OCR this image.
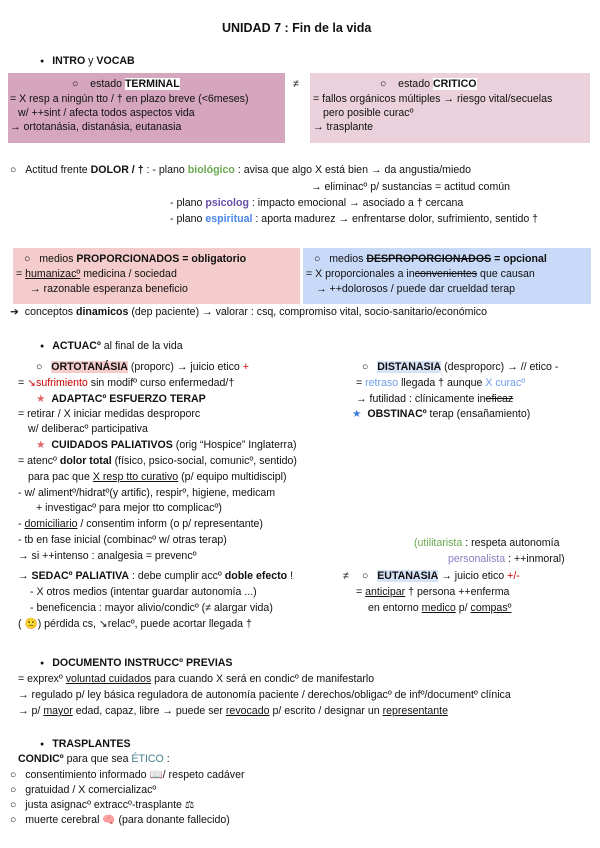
UNIDAD 7 : Fin de la vida
● INTRO y VOCAB
○    estado TERMINAL
= X resp a ningún tto / † en plazo breve (<6meses)
w/ ++sint / afecta todos aspectos vida
→ ortotanásia, distanásia, eutanasia
≠	○    estado CRITICO
= fallos orgánicos múltiples → riesgo vital/secuelas
pero posible curacº
→ trasplante
○   Actitud frente DOLOR / † : - plano biológico : avisa que algo X está bien → da angustia/miedo
→ eliminacº p/ sustancias = actitud común
- plano psicolog : impacto emocional → asociado a † cercana
- plano espiritual : aporta madurez → enfrentarse dolor, sufrimiento, sentido †
○   medios PROPORCIONADOS = obligatorio
= humanizacº medicina / sociedad
→ razonable esperanza beneficio
○   medios DESPROPORCIONADOS = opcional
= X proporcionales a inconvenientes que causan
→ ++dolorosos / puede dar crueldad terap
➔  conceptos dinamicos (dep paciente) → valorar : csq, compromiso vital, socio-sanitario/económico
● ACTUACº al final de la vida
○   ORTOTANÁSIA (proporc) → juicio etico +
= ↘sufrimiento sin modifº curso enfermedad/†
★ ADAPTACº ESFUERZO TERAP
= retirar / X iniciar medidas desproporc
w/ deliberacº participativa
★ CUIDADOS PALIATIVOS (orig “Hospice” Inglaterra)
= atencº dolor total (físico, psico-social, comunicº, sentido)
para pac que X resp tto curativo (p/ equipo multidiscipl)
- w/ alimentº/hidratº(y artific), respirº, higiene, medicam
+ investigacº para mejor tto complicacº)
- domiciliario / consentim inform (o p/ representante)
- tb en fase inicial (combinacº w/ otras terap)
→ si ++intenso : analgesia = prevencº
→ SEDACº PALIATIVA : debe cumplir accº doble efecto !
- X otros medios (intentar guardar autonomía ...)
- beneficencia : mayor alivio/condicº (≠ alargar vida)
( 🙁) pérdida cs, ↘relacº, puede acortar llegada †
○   DISTANASIA (desproporc) → // etico -
= retraso llegada † aunque X curacº
→ futilidad : clínicamente ineficaz
★ OBSTINACº terap (ensañamiento)
(utilitarista : respeta autonomía
personalista : ++inmoral)
≠ ○   EUTANASIA → juicio etico +/-
= anticipar † persona ++enferma
en entorno medico p/ compasº
● DOCUMENTO INSTRUCCº PREVIAS
= exprexº voluntad cuidados para cuando X será en condicº de manifestarlo
→ regulado p/ ley básica reguladora de autonomía paciente / derechos/obligacº de infº/documentº clínica
→ p/ mayor edad, capaz, libre → puede ser revocado p/ escrito / designar un representante
● TRASPLANTES
CONDICº para que sea ÉTICO :
○   consentimiento informado 📖/ respeto cadáver
○   gratuidad / X comercializacº
○   justa asignacº extraccº-trasplante ⚖
○   muerte cerebral 🧠 (para donante fallecido)
